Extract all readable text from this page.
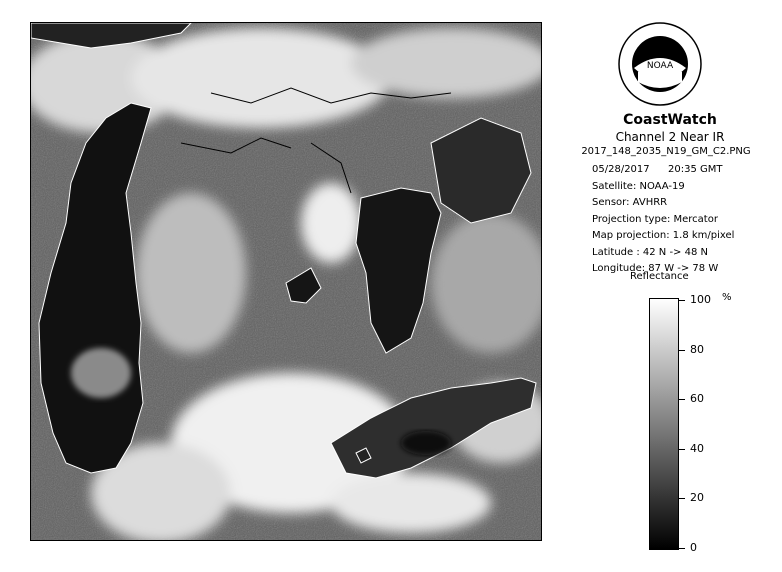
NOAA
CoastWatch
Channel 2 Near IR
2017_148_2035_N19_GM_C2.PNG
05/28/2017 20:35 GMT
Satellite: NOAA-19
Sensor: AVHRR
Projection type: Mercator
Map projection: 1.8 km/pixel
Latitude : 42 N -> 48 N
Longitude: 87 W -> 78 W
Reflectance
%
100
80
60
40
20
0
